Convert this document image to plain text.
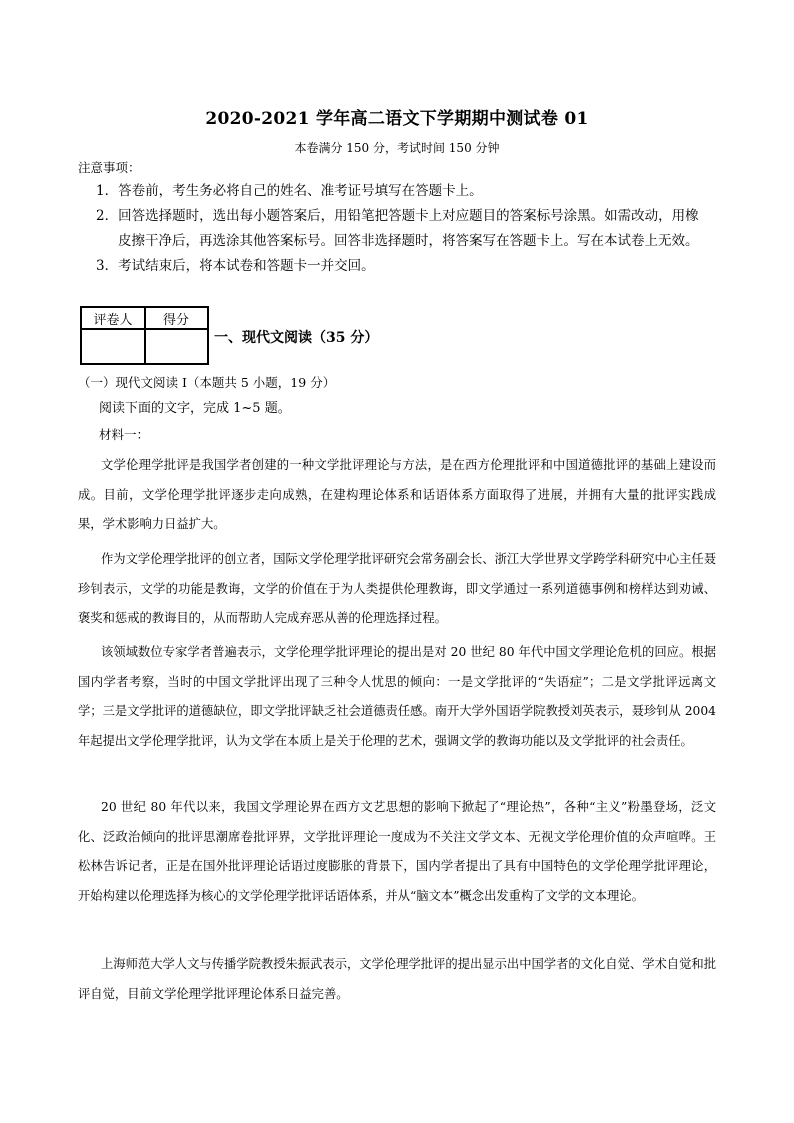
2020-2021 学年高二语文下学期期中测试卷 01
本卷满分 150 分，考试时间 150 分钟
注意事项：
1．答卷前，考生务必将自己的姓名、准考证号填写在答题卡上。
2．回答选择题时，选出每小题答案后，用铅笔把答题卡上对应题目的答案标号涂黑。如需改动，用橡
皮擦干净后，再选涂其他答案标号。回答非选择题时，将答案写在答题卡上。写在本试卷上无效。
3．考试结束后，将本试卷和答题卡一并交回。
评卷人	得分
一、现代文阅读（35 分）
（一）现代文阅读 I（本题共 5 小题，19 分）
阅读下面的文字，完成 1~5 题。
材料一：
文学伦理学批评是我国学者创建的一种文学批评理论与方法，是在西方伦理批评和中国道德批评的基础上建设而成。目前，文学伦理学批评逐步走向成熟，在建构理论体系和话语体系方面取得了进展，并拥有大量的批评实践成果，学术影响力日益扩大。
作为文学伦理学批评的创立者，国际文学伦理学批评研究会常务副会长、浙江大学世界文学跨学科研究中心主任聂珍钊表示，文学的功能是教诲，文学的价值在于为人类提供伦理教诲，即文学通过一系列道德事例和榜样达到劝诫、褒奖和惩戒的教诲目的，从而帮助人完成弃恶从善的伦理选择过程。
该领域数位专家学者普遍表示，文学伦理学批评理论的提出是对 20 世纪 80 年代中国文学理论危机的回应。根据国内学者考察，当时的中国文学批评出现了三种令人忧思的倾向：一是文学批评的“失语症”；二是文学批评远离文学；三是文学批评的道德缺位，即文学批评缺乏社会道德责任感。南开大学外国语学院教授刘英表示，聂珍钊从 2004 年起提出文学伦理学批评，认为文学在本质上是关于伦理的艺术，强调文学的教诲功能以及文学批评的社会责任。
20 世纪 80 年代以来，我国文学理论界在西方文艺思想的影响下掀起了“理论热”，各种“主义”粉墨登场，泛文化、泛政治倾向的批评思潮席卷批评界，文学批评理论一度成为不关注文学文本、无视文学伦理价值的众声喧哗。王松林告诉记者，正是在国外批评理论话语过度膨胀的背景下，国内学者提出了具有中国特色的文学伦理学批评理论，开始构建以伦理选择为核心的文学伦理学批评话语体系，并从“脑文本”概念出发重构了文学的文本理论。
上海师范大学人文与传播学院教授朱振武表示，文学伦理学批评的提出显示出中国学者的文化自觉、学术自觉和批评自觉，目前文学伦理学批评理论体系日益完善。
